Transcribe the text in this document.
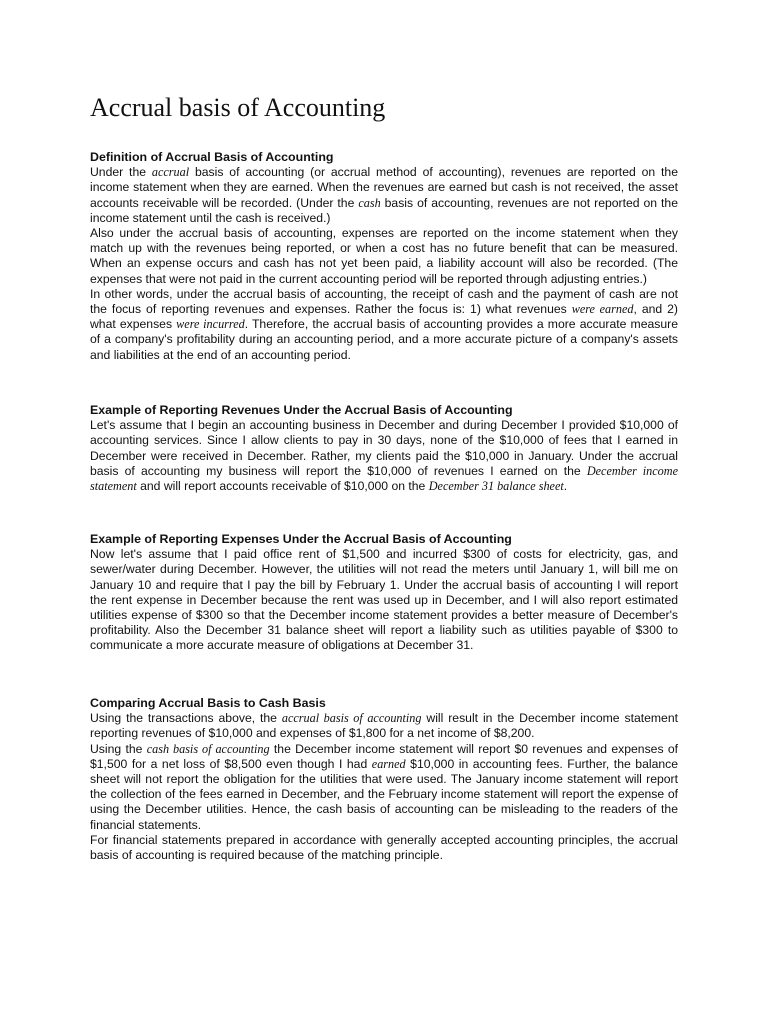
Accrual basis of Accounting
Definition of Accrual Basis of Accounting
Under the accrual basis of accounting (or accrual method of accounting), revenues are reported on the income statement when they are earned. When the revenues are earned but cash is not received, the asset accounts receivable will be recorded. (Under the cash basis of accounting, revenues are not reported on the income statement until the cash is received.)
Also under the accrual basis of accounting, expenses are reported on the income statement when they match up with the revenues being reported, or when a cost has no future benefit that can be measured. When an expense occurs and cash has not yet been paid, a liability account will also be recorded. (The expenses that were not paid in the current accounting period will be reported through adjusting entries.)
In other words, under the accrual basis of accounting, the receipt of cash and the payment of cash are not the focus of reporting revenues and expenses. Rather the focus is: 1) what revenues were earned, and 2) what expenses were incurred. Therefore, the accrual basis of accounting provides a more accurate measure of a company's profitability during an accounting period, and a more accurate picture of a company's assets and liabilities at the end of an accounting period.
Example of Reporting Revenues Under the Accrual Basis of Accounting
Let's assume that I begin an accounting business in December and during December I provided $10,000 of accounting services. Since I allow clients to pay in 30 days, none of the $10,000 of fees that I earned in December were received in December. Rather, my clients paid the $10,000 in January. Under the accrual basis of accounting my business will report the $10,000 of revenues I earned on the December income statement and will report accounts receivable of $10,000 on the December 31 balance sheet.
Example of Reporting Expenses Under the Accrual Basis of Accounting
Now let's assume that I paid office rent of $1,500 and incurred $300 of costs for electricity, gas, and sewer/water during December. However, the utilities will not read the meters until January 1, will bill me on January 10 and require that I pay the bill by February 1. Under the accrual basis of accounting I will report the rent expense in December because the rent was used up in December, and I will also report estimated utilities expense of $300 so that the December income statement provides a better measure of December's profitability. Also the December 31 balance sheet will report a liability such as utilities payable of $300 to communicate a more accurate measure of obligations at December 31.
Comparing Accrual Basis to Cash Basis
Using the transactions above, the accrual basis of accounting will result in the December income statement reporting revenues of $10,000 and expenses of $1,800 for a net income of $8,200.
Using the cash basis of accounting the December income statement will report $0 revenues and expenses of $1,500 for a net loss of $8,500 even though I had earned $10,000 in accounting fees. Further, the balance sheet will not report the obligation for the utilities that were used. The January income statement will report the collection of the fees earned in December, and the February income statement will report the expense of using the December utilities. Hence, the cash basis of accounting can be misleading to the readers of the financial statements.
For financial statements prepared in accordance with generally accepted accounting principles, the accrual basis of accounting is required because of the matching principle.
